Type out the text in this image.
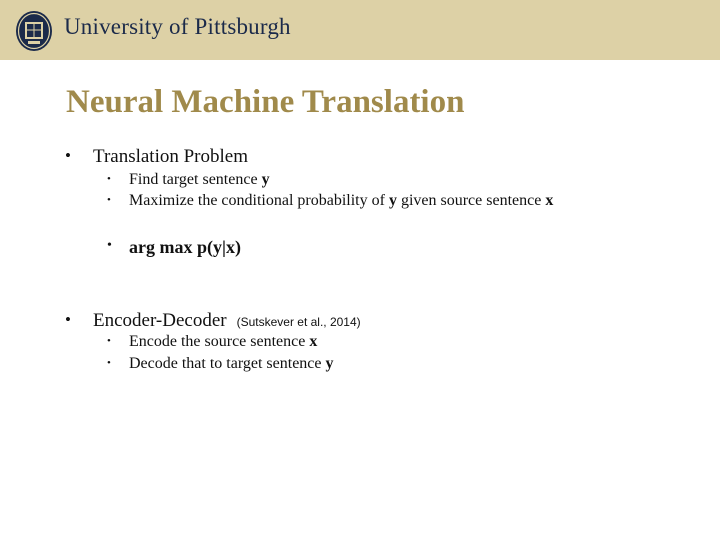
University of Pittsburgh
Neural Machine Translation
• Translation Problem
• Find target sentence y
• Maximize the conditional probability of y given source sentence x
• arg max p(y|x)
• Encoder-Decoder (Sutskever et al., 2014)
• Encode the source sentence x
• Decode that to target sentence y
